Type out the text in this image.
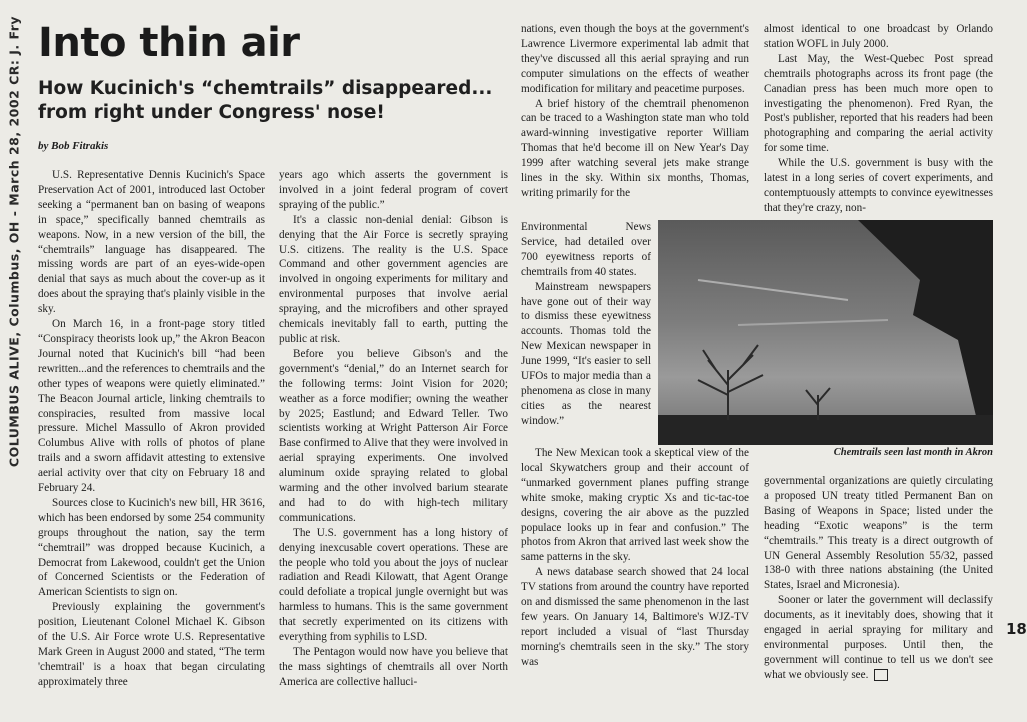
COLUMBUS ALIVE, Columbus, OH - March 28, 2002 CR: J. Fry Into thin air
How Kucinich's “chemtrails” disappeared... from right under Congress' nose!
by Bob Fitrakis

U.S. Representative Dennis Kucinich's Space Preservation Act of 2001, introduced last October seeking a “permanent ban on basing of weapons in space,” specifically banned chemtrails as weapons. Now, in a new version of the bill, the “chemtrails” language has disappeared. The missing words are part of an eyes-wide-open denial that says as much about the cover-up as it does about the spraying that's plainly visible in the sky.

On March 16, in a front-page story titled “Conspiracy theorists look up,” the Akron Beacon Journal noted that Kucinich's bill “had been rewritten...and the references to chemtrails and the other types of weapons were quietly eliminated.” The Beacon Journal article, linking chemtrails to conspiracies, resulted from massive local pressure. Michel Massullo of Akron provided Columbus Alive with rolls of photos of plane trails and a sworn affidavit attesting to extensive aerial activity over that city on February 18 and February 24.

Sources close to Kucinich's new bill, HR 3616, which has been endorsed by some 254 community groups throughout the nation, say the term “chemtrail” was dropped because Kucinich, a Democrat from Lakewood, couldn't get the Union of Concerned Scientists or the Federation of American Scientists to sign on.

Previously explaining the government's position, Lieutenant Colonel Michael K. Gibson of the U.S. Air Force wrote U.S. Representative Mark Green in August 2000 and stated, “The term 'chemtrail' is a hoax that began circulating approximately three

years ago which asserts the government is involved in a joint federal program of covert spraying of the public.”

It's a classic non-denial denial: Gibson is denying that the Air Force is secretly spraying U.S. citizens. The reality is the U.S. Space Command and other government agencies are involved in ongoing experiments for military and environmental purposes that involve aerial spraying, and the microfibers and other sprayed chemicals inevitably fall to earth, putting the public at risk.

Before you believe Gibson's and the government's “denial,” do an Internet search for the following terms: Joint Vision for 2020; weather as a force modifier; owning the weather by 2025; Eastlund; and Edward Teller. Two scientists working at Wright Patterson Air Force Base confirmed to Alive that they were involved in aerial spraying experiments. One involved aluminum oxide spraying related to global warming and the other involved barium stearate and had to do with high-tech military communications.

The U.S. government has a long history of denying inexcusable covert operations. These are the people who told you about the joys of nuclear radiation and Readi Kilowatt, that Agent Orange could defoliate a tropical jungle overnight but was harmless to humans. This is the same government that secretly experimented on its citizens with everything from syphilis to LSD.

The Pentagon would now have you believe that the mass sightings of chemtrails all over North America are collective halluci-

nations, even though the boys at the government's Lawrence Livermore experimental lab admit that they've discussed all this aerial spraying and run computer simulations on the effects of weather modification for military and peacetime purposes.

A brief history of the chemtrail phenomenon can be traced to a Washington state man who told award-winning investigative reporter William Thomas that he'd become ill on New Year's Day 1999 after watching several jets make strange lines in the sky. Within six months, Thomas, writing primarily for the

almost identical to one broadcast by Orlando station WOFL in July 2000.

Last May, the West-Quebec Post spread chemtrails photographs across its front page (the Canadian press has been much more open to investigating the phenomenon). Fred Ryan, the Post's publisher, reported that his readers had been photographing and comparing the aerial activity for some time.

While the U.S. government is busy with the latest in a long series of covert experiments, and contemptuously attempts to convince eyewitnesses that they're crazy, non-

Environmental News Service, had detailed over 700 eyewitness reports of chemtrails from 40 states.

Mainstream newspapers have gone out of their way to dismiss these eyewitness accounts. Thomas told the New Mexican newspaper in June 1999, “It's easier to sell UFOs to major media than a phenomena as close in many cities as the nearest window.”

Chemtrails seen last month in Akron

The New Mexican took a skeptical view of the local Skywatchers group and their account of “unmarked government planes puffing strange white smoke, making cryptic Xs and tic-tac-toe designs, covering the air above as the puzzled populace looks up in fear and confusion.” The photos from Akron that arrived last week show the same patterns in the sky.

A news database search showed that 24 local TV stations from around the country have reported on and dismissed the same phenomenon in the last few years. On January 14, Baltimore's WJZ-TV report included a visual of “last Thursday morning's chemtrails seen in the sky.” The story was

governmental organizations are quietly circulating a proposed UN treaty titled Permanent Ban on Basing of Weapons in Space; listed under the heading “Exotic weapons” is the term “chemtrails.” This treaty is a direct outgrowth of UN General Assembly Resolution 55/32, passed 138-0 with three nations abstaining (the United States, Israel and Micronesia).

Sooner or later the government will declassify documents, as it inevitably does, showing that it engaged in aerial spraying for military and environmental purposes. Until then, the government will continue to tell us we don't see what we obviously see.

18
